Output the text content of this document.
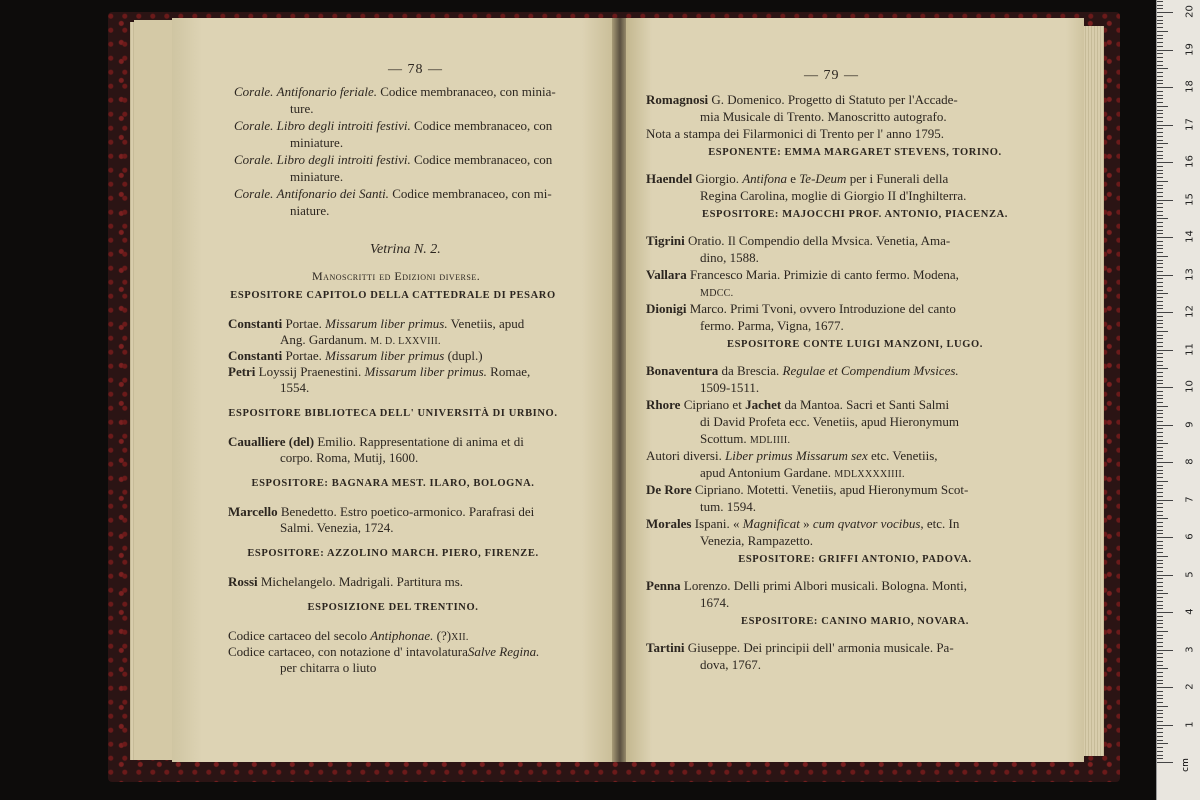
— 78 —
Corale. Antifonario feriale. Codice membranaceo, con minia-
ture.
Corale. Libro degli introiti festivi. Codice membranaceo, con
miniature.
Corale. Libro degli introiti festivi. Codice membranaceo, con
miniature.
Corale. Antifonario dei Santi. Codice membranaceo, con mi-
niature.
Vetrina N. 2.
Manoscritti ed Edizioni diverse.
ESPOSITORE CAPITOLO DELLA CATTEDRALE DI PESARO
Constanti Portae. Missarum liber primus. Venetiis, apud
Ang. Gardanum. M. D. LXXVIII.
Constanti Portae. Missarum liber primus (dupl.)
Petri Loyssij Praenestini. Missarum liber primus. Romae,
1554.
ESPOSITORE BIBLIOTECA DELL' UNIVERSITÀ DI URBINO.
Caualliere (del) Emilio. Rappresentatione di anima et di
corpo. Roma, Mutij, 1600.
ESPOSITORE: BAGNARA MEST. ILARO, BOLOGNA.
Marcello Benedetto. Estro poetico-armonico. Parafrasi dei
Salmi. Venezia, 1724.
ESPOSITORE: AZZOLINO MARCH. PIERO, FIRENZE.
Rossi Michelangelo. Madrigali. Partitura ms.
ESPOSIZIONE DEL TRENTINO.
Codice cartaceo del secolo Antiphonae. (?)XII.
Codice cartaceo, con notazione d' intavolaturaSalve Regina.
per chitarra o liuto
— 79 —
Romagnosi G. Domenico. Progetto di Statuto per l'Accade-
mia Musicale di Trento. Manoscritto autografo.
Nota a stampa dei Filarmonici di Trento per l' anno 1795.
ESPONENTE: EMMA MARGARET STEVENS, TORINO.
Haendel Giorgio. Antifona e Te-Deum per i Funerali della
Regina Carolina, moglie di Giorgio II d'Inghilterra.
ESPOSITORE: MAJOCCHI PROF. ANTONIO, PIACENZA.
Tigrini Oratio. Il Compendio della Mvsica. Venetia, Ama-
dino, 1588.
Vallara Francesco Maria. Primizie di canto fermo. Modena,
MDCC.
Dionigi Marco. Primi Tvoni, ovvero Introduzione del canto
fermo. Parma, Vigna, 1677.
ESPOSITORE CONTE LUIGI MANZONI, LUGO.
Bonaventura da Brescia. Regulae et Compendium Mvsices.
1509-1511.
Rhore Cipriano et Jachet da Mantoa. Sacri et Santi Salmi
di David Profeta ecc. Venetiis, apud Hieronymum
Scottum. MDLIIII.
Autori diversi. Liber primus Missarum sex etc. Venetiis,
apud Antonium Gardane. MDLXXXXIIII.
De Rore Cipriano. Motetti. Venetiis, apud Hieronymum Scot-
tum. 1594.
Morales Ispani. « Magnificat » cum qvatvor vocibus, etc. In
Venezia, Rampazetto.
ESPOSITORE: GRIFFI ANTONIO, PADOVA.
Penna Lorenzo. Delli primi Albori musicali. Bologna. Monti,
1674.
ESPOSITORE: CANINO MARIO, NOVARA.
Tartini Giuseppe. Dei principii dell' armonia musicale. Pa-
dova, 1767.
1
2
3
4
5
6
7
8
9
10
11
12
13
14
15
16
17
18
19
20
cm
